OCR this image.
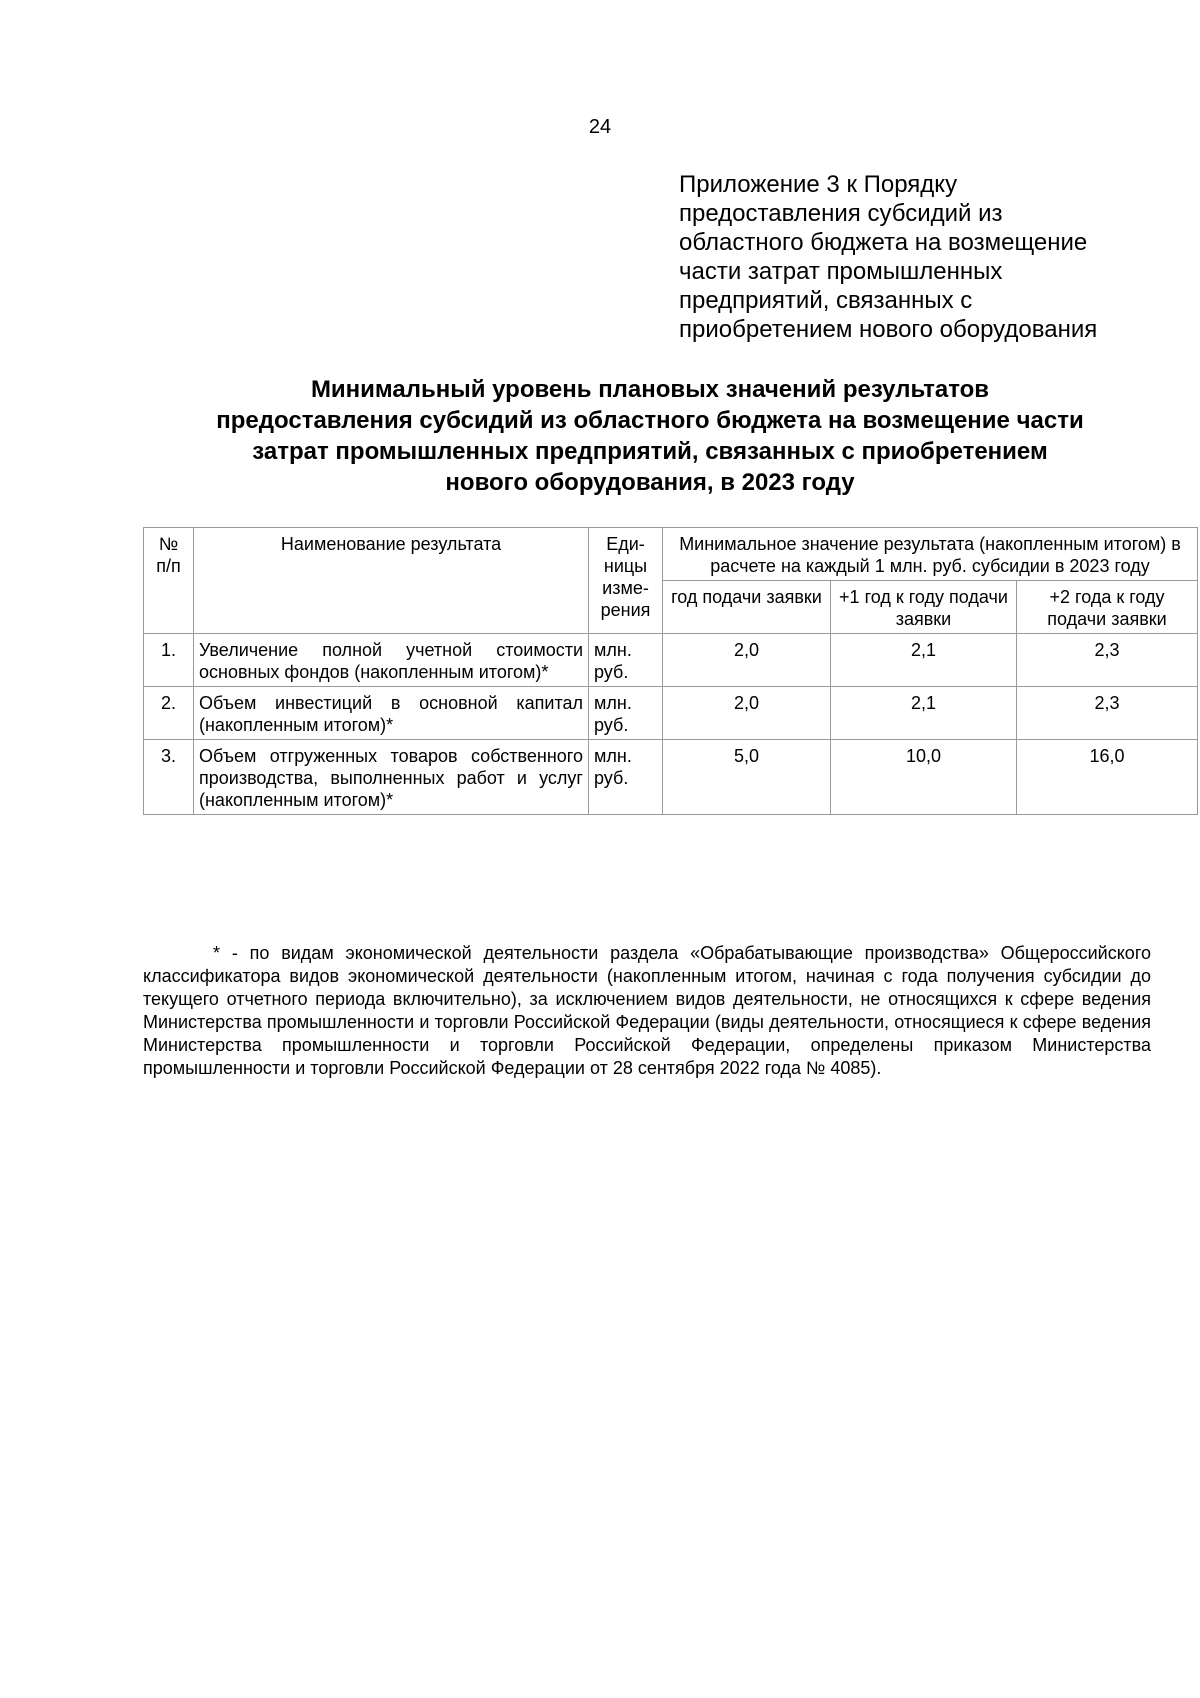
24
Приложение 3 к Порядку
предоставления субсидий из
областного бюджета на возмещение
части затрат промышленных
предприятий, связанных с
приобретением нового оборудования
Минимальный уровень плановых значений результатов
предоставления субсидий из областного бюджета на возмещение части
затрат промышленных предприятий, связанных с приобретением
нового оборудования, в 2023 году
№ п/п	Наименование результата	Еди-ницы изме-рения	Минимальное значение результата (накопленным итогом) в расчете на каждый 1 млн. руб. субсидии в 2023 году		
			год подачи заявки	+1 год к году подачи заявки	+2 года к году подачи заявки
1.	Увеличение полной учетной стоимости основных фондов (накопленным итогом)*	млн. руб.	2,0	2,1	2,3
2.	Объем инвестиций в основной капитал (накопленным итогом)*	млн. руб.	2,0	2,1	2,3
3.	Объем отгруженных товаров собственного производства, выполненных работ и услуг (накопленным итогом)*	млн. руб.	5,0	10,0	16,0
* - по видам экономической деятельности раздела «Обрабатывающие производства» Общероссийского классификатора видов экономической деятельности (накопленным итогом, начиная с года получения субсидии до текущего отчетного периода включительно), за исключением видов деятельности, не относящихся к сфере ведения Министерства промышленности и торговли Российской Федерации (виды деятельности, относящиеся к сфере ведения Министерства промышленности и торговли Российской Федерации, определены приказом Министерства промышленности и торговли Российской Федерации от 28 сентября 2022 года № 4085).
